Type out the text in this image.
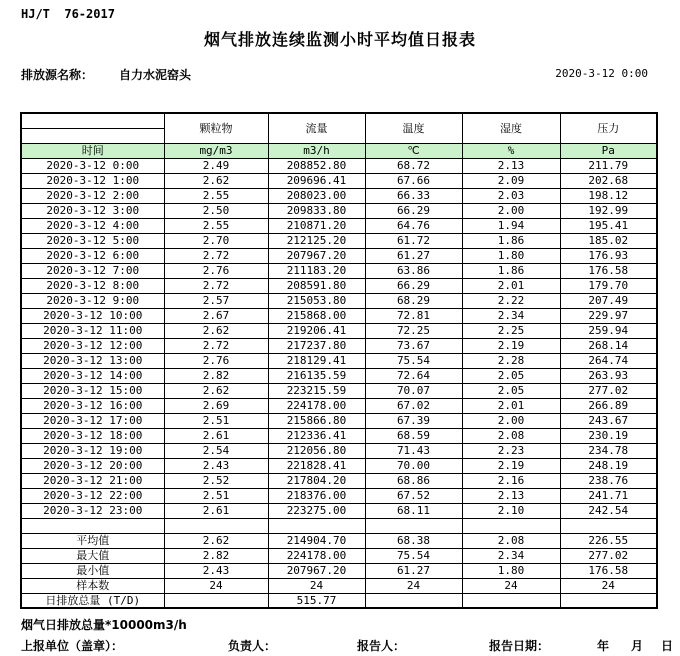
HJ/T  76-2017
烟气排放连续监测小时平均值日报表
排放源名称： 自力水泥窑头	2020-3-12 0:00
	颗粒物	流量	温度	湿度	压力

时间	mg/m3	m3/h	℃	%	Pa
2020-3-12 0:00	2.49	208852.80	68.72	2.13	211.79
2020-3-12 1:00	2.62	209696.41	67.66	2.09	202.68
2020-3-12 2:00	2.55	208023.00	66.33	2.03	198.12
2020-3-12 3:00	2.50	209833.80	66.29	2.00	192.99
2020-3-12 4:00	2.55	210871.20	64.76	1.94	195.41
2020-3-12 5:00	2.70	212125.20	61.72	1.86	185.02
2020-3-12 6:00	2.72	207967.20	61.27	1.80	176.93
2020-3-12 7:00	2.76	211183.20	63.86	1.86	176.58
2020-3-12 8:00	2.72	208591.80	66.29	2.01	179.70
2020-3-12 9:00	2.57	215053.80	68.29	2.22	207.49
2020-3-12 10:00	2.67	215868.00	72.81	2.34	229.97
2020-3-12 11:00	2.62	219206.41	72.25	2.25	259.94
2020-3-12 12:00	2.72	217237.80	73.67	2.19	268.14
2020-3-12 13:00	2.76	218129.41	75.54	2.28	264.74
2020-3-12 14:00	2.82	216135.59	72.64	2.05	263.93
2020-3-12 15:00	2.62	223215.59	70.07	2.05	277.02
2020-3-12 16:00	2.69	224178.00	67.02	2.01	266.89
2020-3-12 17:00	2.51	215866.80	67.39	2.00	243.67
2020-3-12 18:00	2.61	212336.41	68.59	2.08	230.19
2020-3-12 19:00	2.54	212056.80	71.43	2.23	234.78
2020-3-12 20:00	2.43	221828.41	70.00	2.19	248.19
2020-3-12 21:00	2.52	217804.20	68.86	2.16	238.76
2020-3-12 22:00	2.51	218376.00	67.52	2.13	241.71
2020-3-12 23:00	2.61	223275.00	68.11	2.10	242.54

平均值	2.62	214904.70	68.38	2.08	226.55
最大值	2.82	224178.00	75.54	2.34	277.02
最小值	2.43	207967.20	61.27	1.80	176.58
样本数	24	24	24	24	24
日排放总量 (T/D)		515.77			
烟气日排放总量*10000m3/h
上报单位（盖章）：	负责人：	报告人：	报告日期：	年 月 日
